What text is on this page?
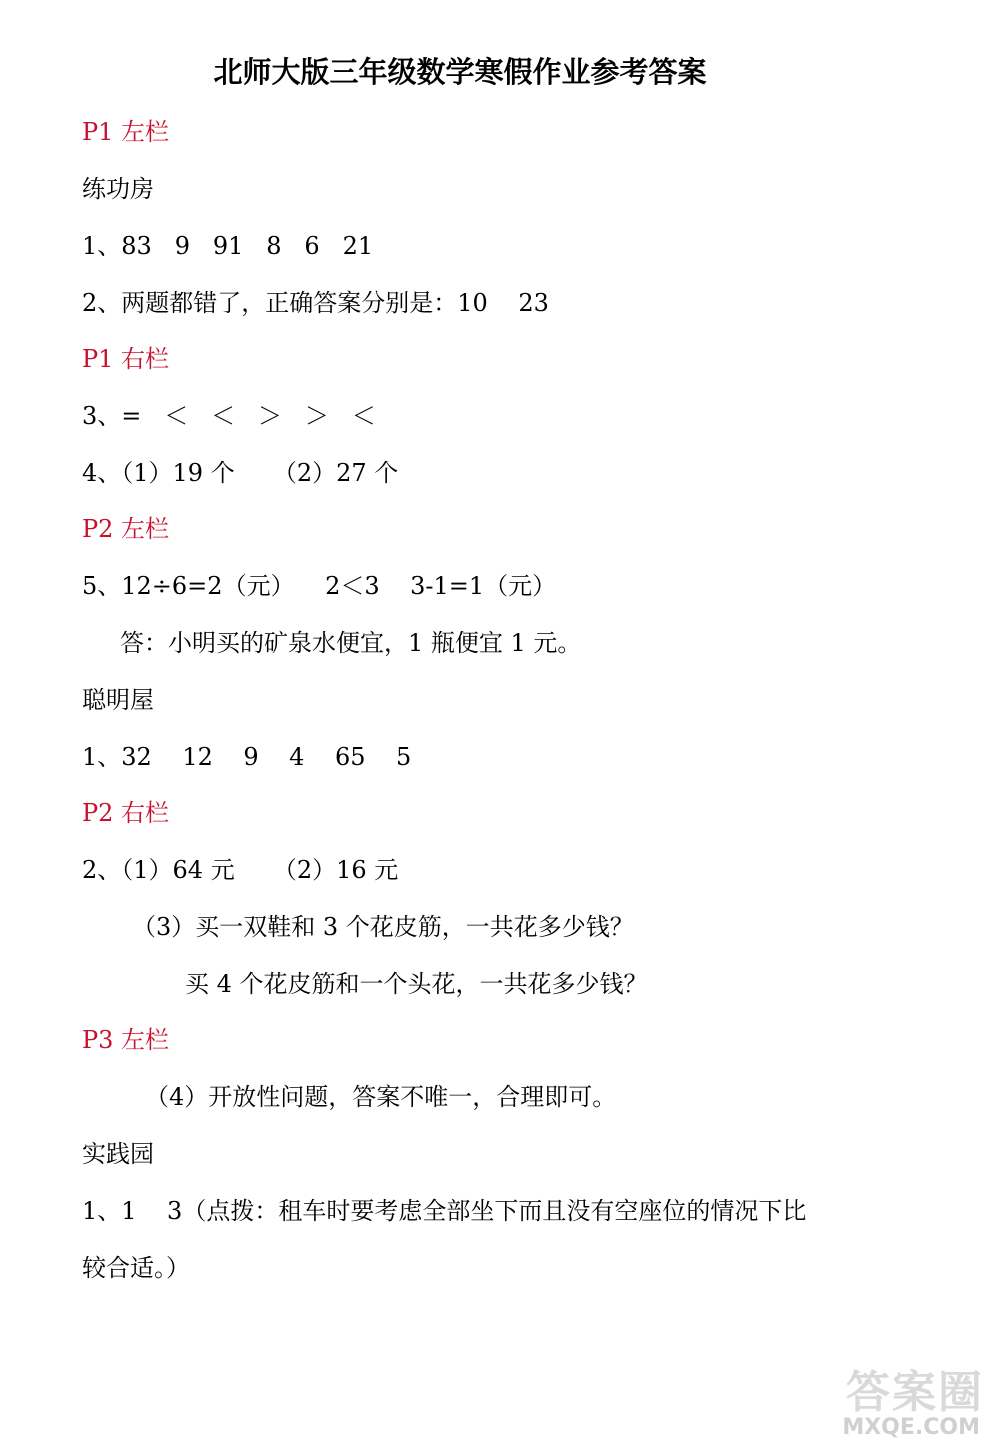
北师大版三年级数学寒假作业参考答案
P1 左栏
练功房
1、83   9   91   8   6   21
2、两题都错了，正确答案分别是：10    23
P1 右栏
3、=   ＜   ＜   ＞   ＞   ＜
4、（1）19 个     （2）27 个
P2 左栏
5、12÷6=2（元）    2＜3    3-1=1（元）
答：小明买的矿泉水便宜，1 瓶便宜 1 元。
聪明屋
1、32    12    9    4    65    5
P2 右栏
2、（1）64 元     （2）16 元
（3）买一双鞋和 3 个花皮筋，一共花多少钱？
买 4 个花皮筋和一个头花，一共花多少钱？
P3 左栏
（4）开放性问题，答案不唯一，合理即可。
实践园
1、1    3（点拨：租车时要考虑全部坐下而且没有空座位的情况下比
较合适。）
答案圈
MXQE.COM
